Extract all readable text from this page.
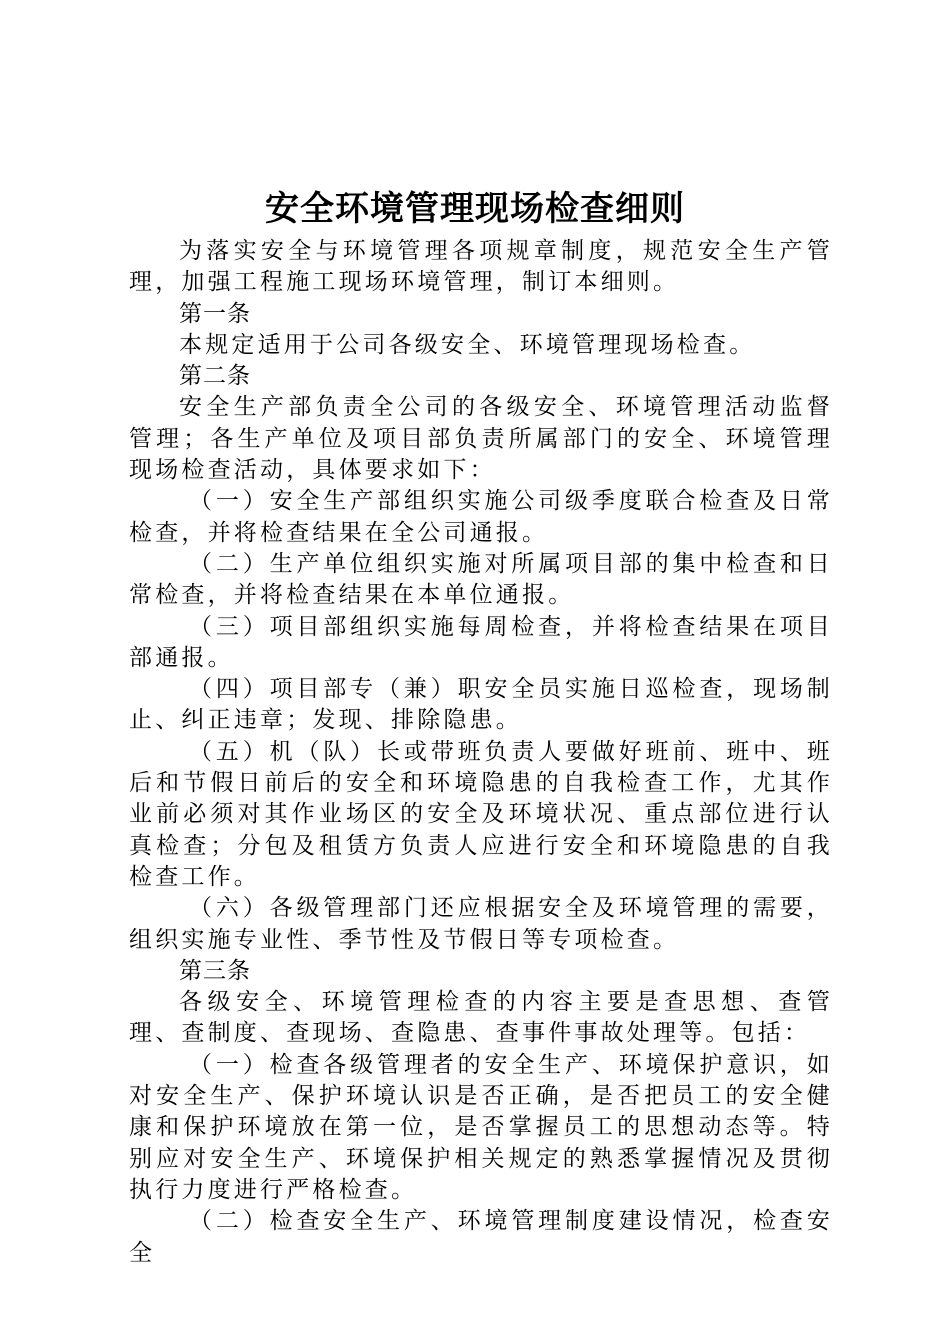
安全环境管理现场检查细则

为落实安全与环境管理各项规章制度，规范安全生产管理，加强工程施工现场环境管理，制订本细则。

第一条

本规定适用于公司各级安全、环境管理现场检查。

第二条

安全生产部负责全公司的各级安全、环境管理活动监督管理；各生产单位及项目部负责所属部门的安全、环境管理现场检查活动，具体要求如下：

（一）安全生产部组织实施公司级季度联合检查及日常检查，并将检查结果在全公司通报。

（二）生产单位组织实施对所属项目部的集中检查和日常检查，并将检查结果在本单位通报。

（三）项目部组织实施每周检查，并将检查结果在项目部通报。

（四）项目部专（兼）职安全员实施日巡检查，现场制止、纠正违章；发现、排除隐患。

（五）机（队）长或带班负责人要做好班前、班中、班后和节假日前后的安全和环境隐患的自我检查工作，尤其作业前必须对其作业场区的安全及环境状况、重点部位进行认真检查；分包及租赁方负责人应进行安全和环境隐患的自我检查工作。

（六）各级管理部门还应根据安全及环境管理的需要，组织实施专业性、季节性及节假日等专项检查。

第三条

各级安全、环境管理检查的内容主要是查思想、查管理、查制度、查现场、查隐患、查事件事故处理等。包括：

（一）检查各级管理者的安全生产、环境保护意识，如对安全生产、保护环境认识是否正确，是否把员工的安全健康和保护环境放在第一位，是否掌握员工的思想动态等。特别应对安全生产、环境保护相关规定的熟悉掌握情况及贯彻执行力度进行严格检查。

（二）检查安全生产、环境管理制度建设情况，检查安全
